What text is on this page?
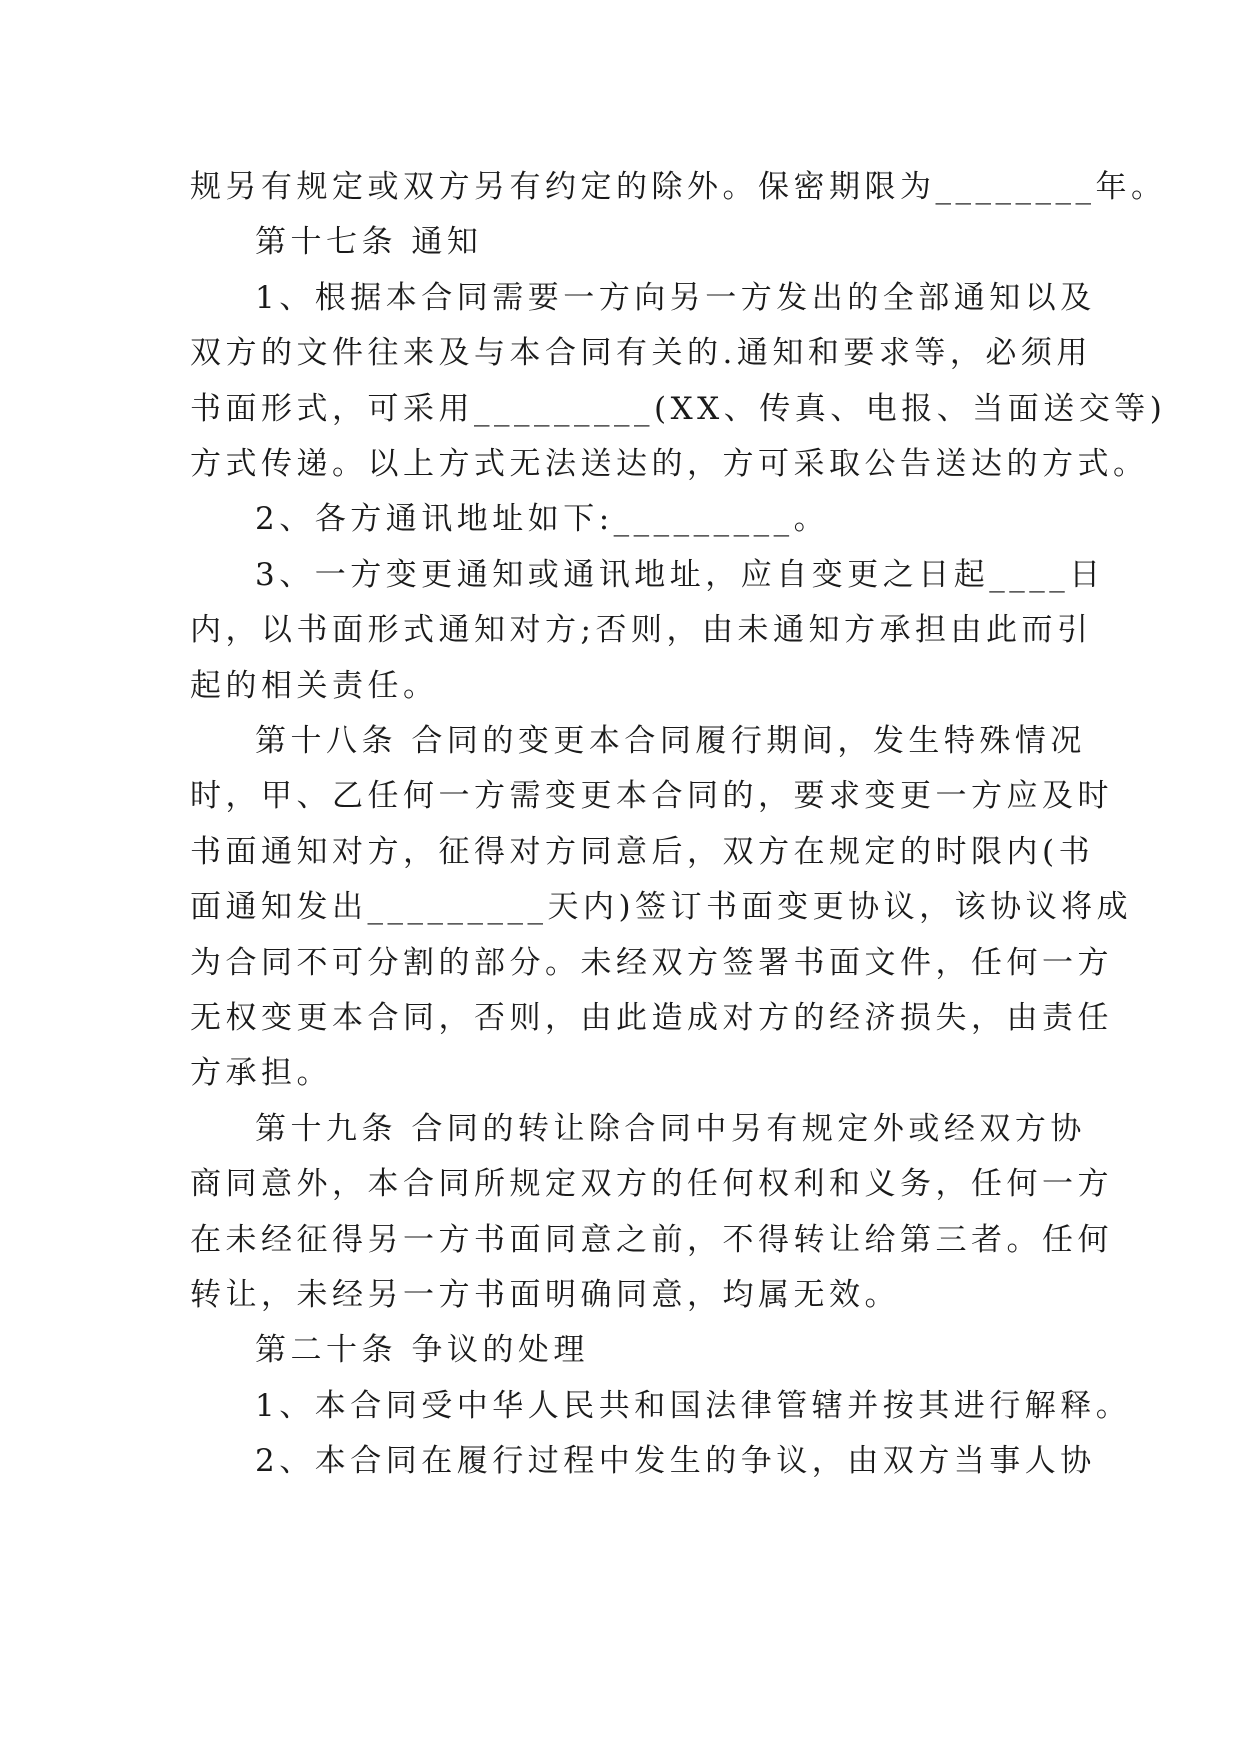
规另有规定或双方另有约定的除外。保密期限为________年。
第十七条 通知
1、根据本合同需要一方向另一方发出的全部通知以及
双方的文件往来及与本合同有关的.通知和要求等，必须用
书面形式，可采用_________(XX、传真、电报、当面送交等)
方式传递。以上方式无法送达的，方可采取公告送达的方式。
2、各方通讯地址如下:_________。
3、一方变更通知或通讯地址，应自变更之日起____日
内，以书面形式通知对方;否则，由未通知方承担由此而引
起的相关责任。
第十八条 合同的变更本合同履行期间，发生特殊情况
时，甲、乙任何一方需变更本合同的，要求变更一方应及时
书面通知对方，征得对方同意后，双方在规定的时限内(书
面通知发出_________天内)签订书面变更协议，该协议将成
为合同不可分割的部分。未经双方签署书面文件，任何一方
无权变更本合同，否则，由此造成对方的经济损失，由责任
方承担。
第十九条 合同的转让除合同中另有规定外或经双方协
商同意外，本合同所规定双方的任何权利和义务，任何一方
在未经征得另一方书面同意之前，不得转让给第三者。任何
转让，未经另一方书面明确同意，均属无效。
第二十条 争议的处理
1、本合同受中华人民共和国法律管辖并按其进行解释。
2、本合同在履行过程中发生的争议，由双方当事人协
